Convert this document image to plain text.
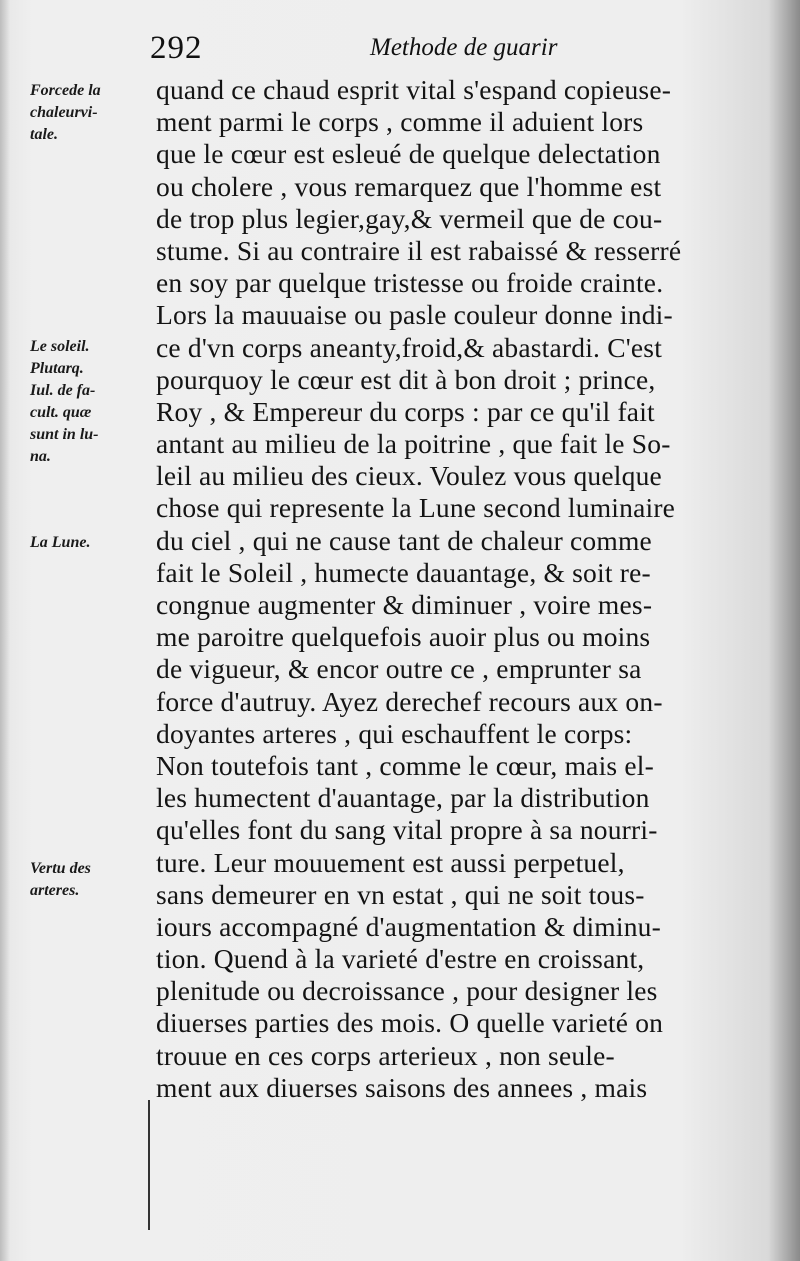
292	Methode de guarir
Forcede la
chaleurvi-
tale.
Le soleil.
Plutarq.
Iul. de fa-
cult. quæ
sunt in lu-
na.
La Lune.
Vertu des
arteres.
quand ce chaud esprit vital s'espand copieuse-
ment parmi le corps , comme il aduient lors
que le cœur est esleué de quelque delectation
ou cholere , vous remarquez que l'homme est
de trop plus legier,gay,& vermeil que de cou-
stume. Si au contraire il est rabaissé & resserré
en soy par quelque tristesse ou froide crainte.
Lors la mauuaise ou pasle couleur donne indi-
ce d'vn corps aneanty,froid,& abastardi. C'est
pourquoy le cœur est dit à bon droit ; prince,
Roy , & Empereur du corps : par ce qu'il fait
antant au milieu de la poitrine , que fait le So-
leil au milieu des cieux. Voulez vous quelque
chose qui represente la Lune second luminaire
du ciel , qui ne cause tant de chaleur comme
fait le Soleil , humecte dauantage, & soit re-
congnue augmenter & diminuer , voire mes-
me paroitre quelquefois auoir plus ou moins
de vigueur, & encor outre ce , emprunter sa
force d'autruy. Ayez derechef recours aux on-
doyantes arteres , qui eschauffent le corps:
Non toutefois tant , comme le cœur, mais el-
les humectent d'auantage, par la distribution
qu'elles font du sang vital propre à sa nourri-
ture. Leur mouuement est aussi perpetuel,
sans demeurer en vn estat , qui ne soit tous-
iours accompagné d'augmentation & diminu-
tion. Quend à la varieté d'estre en croissant,
plenitude ou decroissance , pour designer les
diuerses parties des mois. O quelle varieté on
trouue en ces corps arterieux , non seule-
ment aux diuerses saisons des annees , mais
